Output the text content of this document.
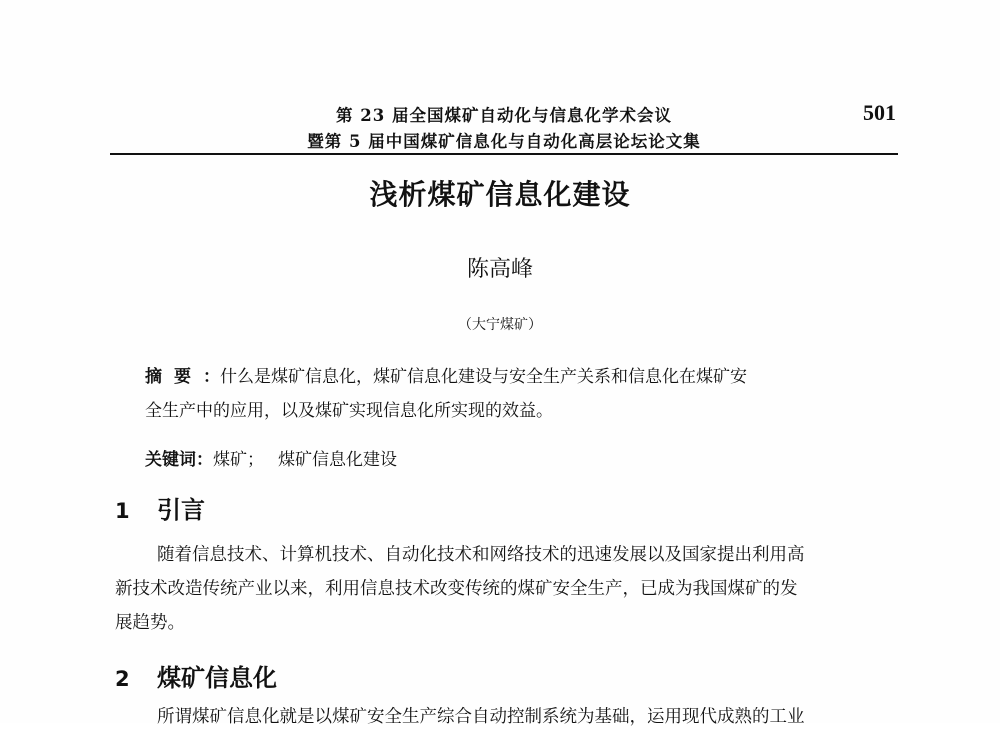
第 23 届全国煤矿自动化与信息化学术会议
暨第 5 届中国煤矿信息化与自动化高层论坛论文集
501
浅析煤矿信息化建设
陈高峰
（大宁煤矿）
摘要：什么是煤矿信息化，煤矿信息化建设与安全生产关系和信息化在煤矿安
全生产中的应用，以及煤矿实现信息化所实现的效益。
关键词：煤矿； 煤矿信息化建设
1 引言
随着信息技术、计算机技术、自动化技术和网络技术的迅速发展以及国家提出利用高
新技术改造传统产业以来，利用信息技术改变传统的煤矿安全生产，已成为我国煤矿的发
展趋势。
2 煤矿信息化
所谓煤矿信息化就是以煤矿安全生产综合自动控制系统为基础，运用现代成熟的工业
